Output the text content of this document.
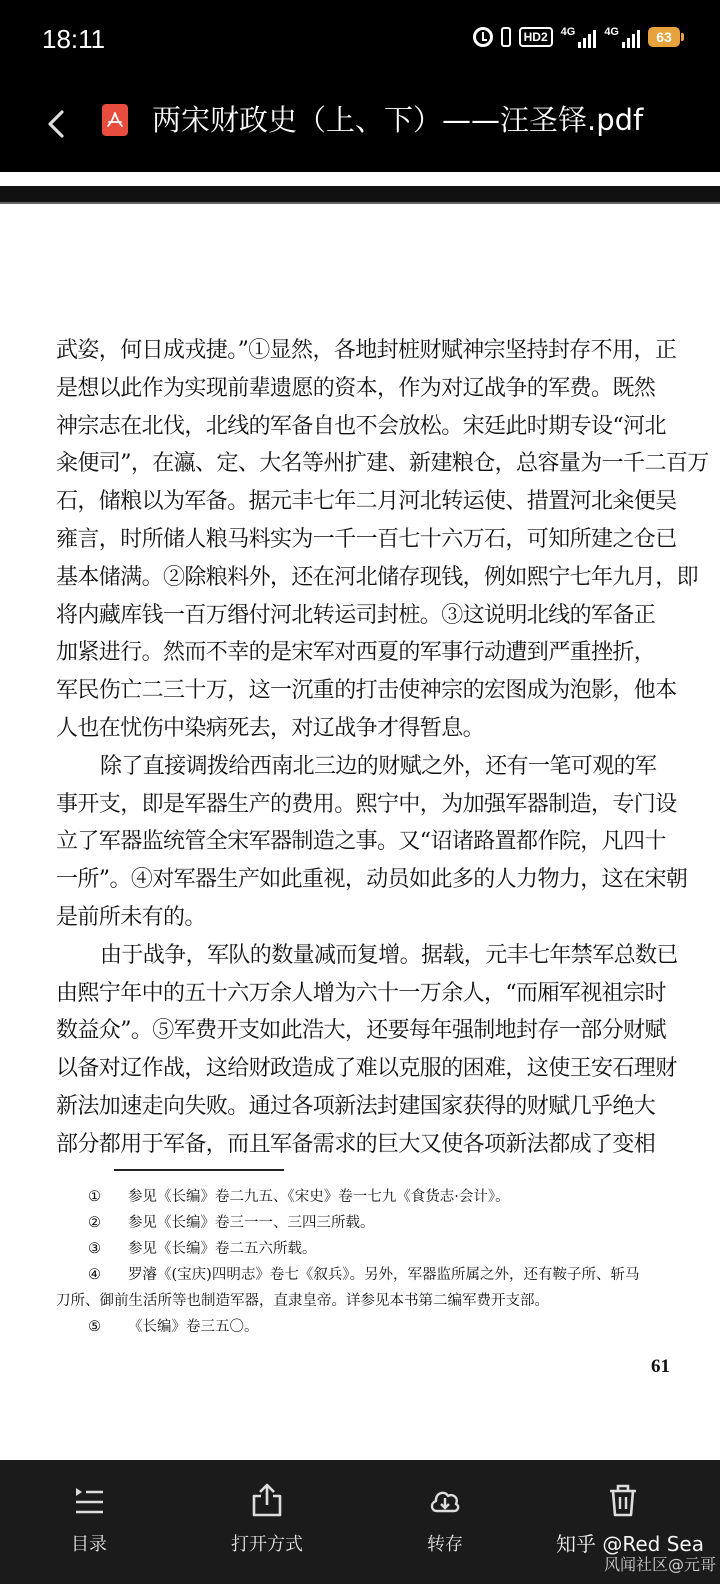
18:11	HD2	4G	4G	63
两宋财政史（上、下）——汪圣铎.pdf
武姿，何日成戎捷。”①显然，各地封桩财赋神宗坚持封存不用，正
是想以此作为实现前辈遗愿的资本，作为对辽战争的军费。既然
神宗志在北伐，北线的军备自也不会放松。宋廷此时期专设“河北
籴便司”，在瀛、定、大名等州扩建、新建粮仓，总容量为一千二百万
石，储粮以为军备。据元丰七年二月河北转运使、措置河北籴便吴
雍言，时所储人粮马料实为一千一百七十六万石，可知所建之仓已
基本储满。②除粮料外，还在河北储存现钱，例如熙宁七年九月，即
将内藏库钱一百万缗付河北转运司封桩。③这说明北线的军备正
加紧进行。然而不幸的是宋军对西夏的军事行动遭到严重挫折，
军民伤亡二三十万，这一沉重的打击使神宗的宏图成为泡影，他本
人也在忧伤中染病死去，对辽战争才得暂息。
除了直接调拨给西南北三边的财赋之外，还有一笔可观的军
事开支，即是军器生产的费用。熙宁中，为加强军器制造，专门设
立了军器监统管全宋军器制造之事。又“诏诸路置都作院，凡四十
一所”。④对军器生产如此重视，动员如此多的人力物力，这在宋朝
是前所未有的。
由于战争，军队的数量减而复增。据载，元丰七年禁军总数已
由熙宁年中的五十六万余人增为六十一万余人，“而厢军视祖宗时
数益众”。⑤军费开支如此浩大，还要每年强制地封存一部分财赋
以备对辽作战，这给财政造成了难以克服的困难，这使王安石理财
新法加速走向失败。通过各项新法封建国家获得的财赋几乎绝大
部分都用于军备，而且军备需求的巨大又使各项新法都成了变相
① 参见《长编》卷二九五、《宋史》卷一七九《食货志·会计》。
② 参见《长编》卷三一一、三四三所载。
③ 参见《长编》卷二五六所载。
④ 罗濬《(宝庆)四明志》卷七《叙兵》。另外，军器监所属之外，还有鞍子所、斩马
刀所、御前生活所等也制造军器，直隶皇帝。详参见本书第二编军费开支部。
⑤ 《长编》卷三五〇。
61
目录	打开方式	转存	知乎 @Red Sea
风闻社区@元哥
